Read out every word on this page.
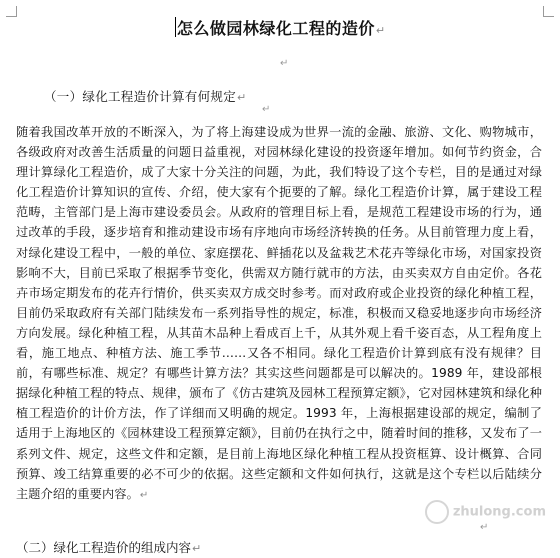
怎么做园林绿化工程的造价↵
↵
（一）绿化工程造价计算有何规定↵
↵
随着我国改革开放的不断深入，为了将上海建设成为世界一流的金融、旅游、文化、购物城市，各级政府对改善生活质量的问题日益重视，对园林绿化建设的投资逐年增加。如何节约资金，合理计算绿化工程造价，成了大家十分关注的问题，为此，我们特设了这个专栏，目的是通过对绿化工程造价计算知识的宣传、介绍，使大家有个扼要的了解。绿化工程造价计算，属于建设工程范畴，主管部门是上海市建设委员会。从政府的管理目标上看，是规范工程建设市场的行为，通过改革的手段，逐步培育和推动建设市场有序地向市场经济转换的任务。从目前管理力度上看，对绿化建设工程中，一般的单位、家庭摆花、鲜插花以及盆栽艺术花卉等绿化市场，对国家投资影响不大，目前已采取了根据季节变化，供需双方随行就市的方法，由买卖双方自由定价。各花卉市场定期发布的花卉行情价，供买卖双方成交时参考。而对政府或企业投资的绿化种植工程，目前仍采取政府有关部门陆续发布一系列指导性的规定，标准，积极而又稳妥地逐步向市场经济方向发展。绿化种植工程，从其苗木品种上看成百上千，从其外观上看千姿百态，从工程角度上看，施工地点、种植方法、施工季节……又各不相同。绿化工程造价计算到底有没有规律？目前，有哪些标准、规定？有哪些计算方法？其实这些问题都是可以解决的。1989 年，建设部根据绿化种植工程的特点、规律，颁布了《仿古建筑及园林工程预算定额》，它对园林建筑和绿化种植工程造价的计价方法，作了详细而又明确的规定。1993 年，上海根据建设部的规定，编制了适用于上海地区的《园林建设工程预算定额》，目前仍在执行之中，随着时间的推移，又发布了一系列文件、规定，这些文件和定额，是目前上海地区绿化种植工程从投资框算、设计概算、合同预算、竣工结算重要的必不可少的依据。这些定额和文件如何执行，这就是这个专栏以后陆续分主题介绍的重要内容。↵
↵
zhulong.com
（二）绿化工程造价的组成内容↵
